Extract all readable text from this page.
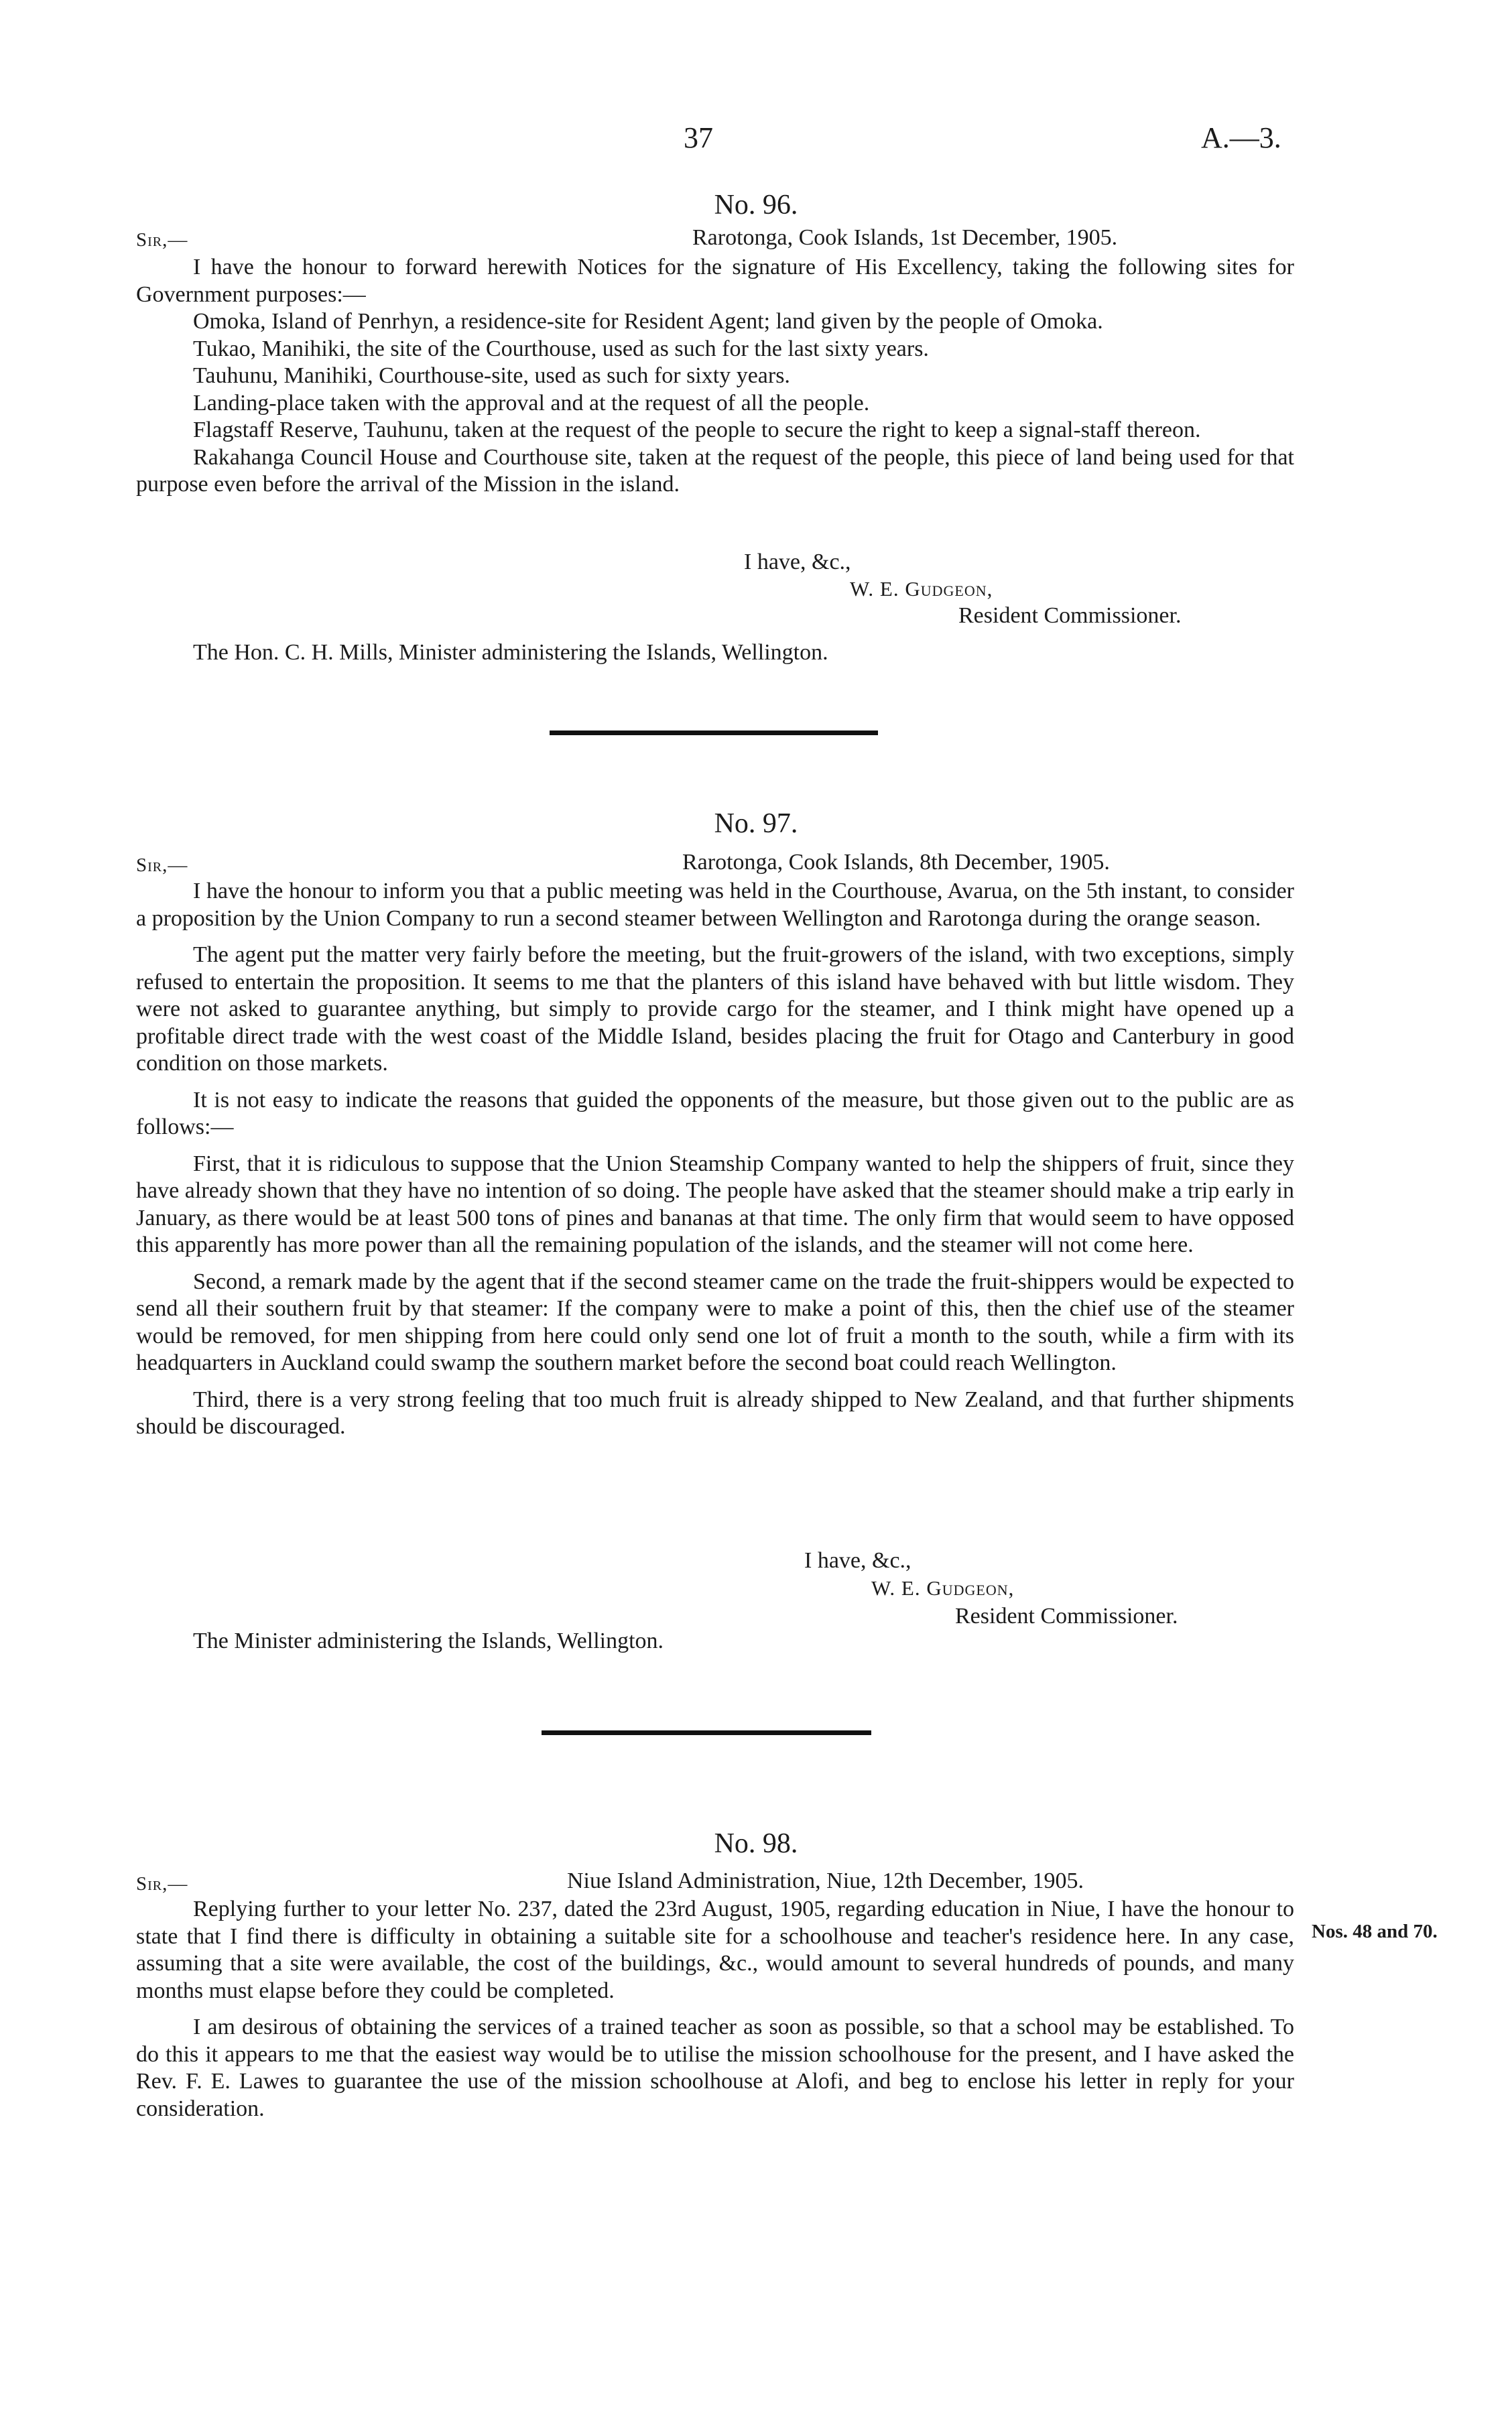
37	A.—3.
No. 96.
Sir,—	Rarotonga, Cook Islands, 1st December, 1905.

I have the honour to forward herewith Notices for the signature of His Excellency, taking the following sites for Government purposes:—

Omoka, Island of Penrhyn, a residence-site for Resident Agent; land given by the people of Omoka.

Tukao, Manihiki, the site of the Courthouse, used as such for the last sixty years.

Tauhunu, Manihiki, Courthouse-site, used as such for sixty years.

Landing-place taken with the approval and at the request of all the people.

Flagstaff Reserve, Tauhunu, taken at the request of the people to secure the right to keep a signal-staff thereon.

Rakahanga Council House and Courthouse site, taken at the request of the people, this piece of land being used for that purpose even before the arrival of the Mission in the island.

I have, &c.,
W. E. Gudgeon,
Resident Commissioner.
The Hon. C. H. Mills, Minister administering the Islands, Wellington.
No. 97.
Sir,—	Rarotonga, Cook Islands, 8th December, 1905.

I have the honour to inform you that a public meeting was held in the Courthouse, Avarua, on the 5th instant, to consider a proposition by the Union Company to run a second steamer between Wellington and Rarotonga during the orange season.

The agent put the matter very fairly before the meeting, but the fruit-growers of the island, with two exceptions, simply refused to entertain the proposition. It seems to me that the planters of this island have behaved with but little wisdom. They were not asked to guarantee anything, but simply to provide cargo for the steamer, and I think might have opened up a profitable direct trade with the west coast of the Middle Island, besides placing the fruit for Otago and Canterbury in good condition on those markets.

It is not easy to indicate the reasons that guided the opponents of the measure, but those given out to the public are as follows:—

First, that it is ridiculous to suppose that the Union Steamship Company wanted to help the shippers of fruit, since they have already shown that they have no intention of so doing. The people have asked that the steamer should make a trip early in January, as there would be at least 500 tons of pines and bananas at that time. The only firm that would seem to have opposed this apparently has more power than all the remaining population of the islands, and the steamer will not come here.

Second, a remark made by the agent that if the second steamer came on the trade the fruit-shippers would be expected to send all their southern fruit by that steamer: If the company were to make a point of this, then the chief use of the steamer would be removed, for men shipping from here could only send one lot of fruit a month to the south, while a firm with its headquarters in Auckland could swamp the southern market before the second boat could reach Wellington.

Third, there is a very strong feeling that too much fruit is already shipped to New Zealand, and that further shipments should be discouraged.

I have, &c.,
W. E. Gudgeon,
Resident Commissioner.
The Minister administering the Islands, Wellington.
No. 98.
Sir,—	Niue Island Administration, Niue, 12th December, 1905.

Replying further to your letter No. 237, dated the 23rd August, 1905, regarding education in Niue, I have the honour to state that I find there is difficulty in obtaining a suitable site for a schoolhouse and teacher's residence here. In any case, assuming that a site were available, the cost of the buildings, &c., would amount to several hundreds of pounds, and many months must elapse before they could be completed.

I am desirous of obtaining the services of a trained teacher as soon as possible, so that a school may be established. To do this it appears to me that the easiest way would be to utilise the mission schoolhouse for the present, and I have asked the Rev. F. E. Lawes to guarantee the use of the mission schoolhouse at Alofi, and beg to enclose his letter in reply for your consideration.

Nos. 48 and 70.
